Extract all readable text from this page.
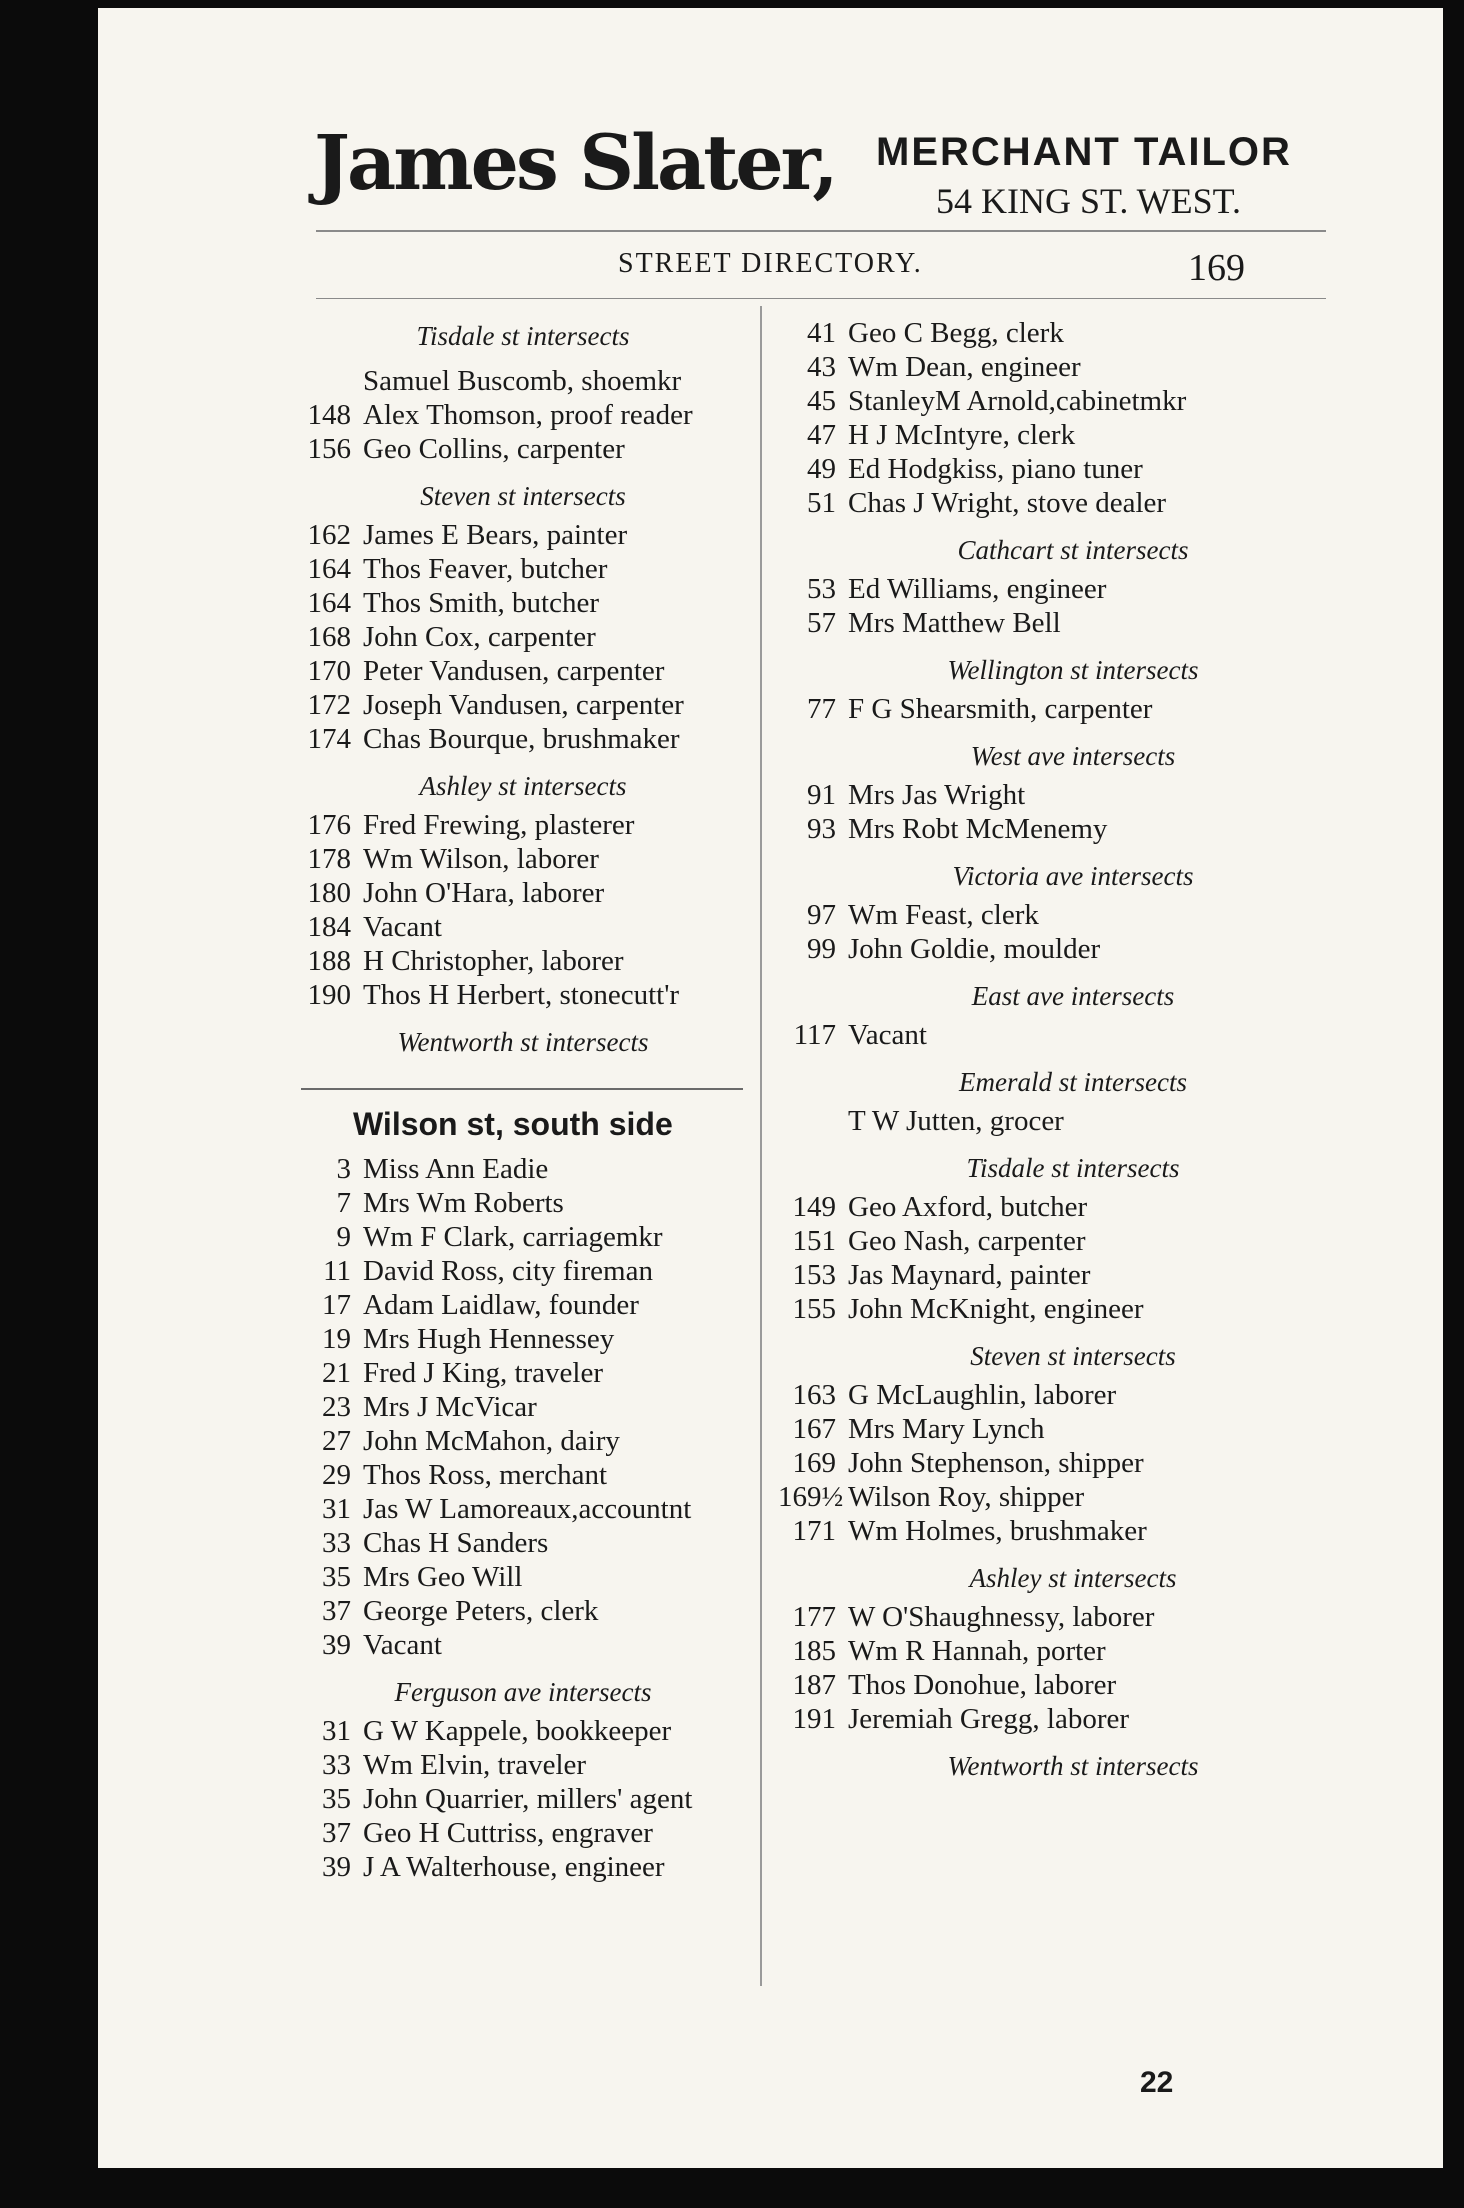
James Slater, MERCHANT TAILOR
54 KING ST. WEST.
STREET DIRECTORY.	169
Tisdale st intersects
Samuel Buscomb, shoemkr
148 Alex Thomson, proof reader
156 Geo Collins, carpenter
Steven st intersects
162 James E Bears, painter
164 Thos Feaver, butcher
164 Thos Smith, butcher
168 John Cox, carpenter
170 Peter Vandusen, carpenter
172 Joseph Vandusen, carpenter
174 Chas Bourque, brushmaker
Ashley st intersects
176 Fred Frewing, plasterer
178 Wm Wilson, laborer
180 John O'Hara, laborer
184 Vacant
188 H Christopher, laborer
190 Thos H Herbert, stonecutt'r
Wentworth st intersects
Wilson st, south side
3 Miss Ann Eadie
7 Mrs Wm Roberts
9 Wm F Clark, carriagemkr
11 David Ross, city fireman
17 Adam Laidlaw, founder
19 Mrs Hugh Hennessey
21 Fred J King, traveler
23 Mrs J McVicar
27 John McMahon, dairy
29 Thos Ross, merchant
31 Jas W Lamoreaux,accountnt
33 Chas H Sanders
35 Mrs Geo Will
37 George Peters, clerk
39 Vacant
Ferguson ave intersects
31 G W Kappele, bookkeeper
33 Wm Elvin, traveler
35 John Quarrier, millers' agent
37 Geo H Cuttriss, engraver
39 J A Walterhouse, engineer
41 Geo C Begg, clerk
43 Wm Dean, engineer
45 StanleyM Arnold,cabinetmkr
47 H J McIntyre, clerk
49 Ed Hodgkiss, piano tuner
51 Chas J Wright, stove dealer
Cathcart st intersects
53 Ed Williams, engineer
57 Mrs Matthew Bell
Wellington st intersects
77 F G Shearsmith, carpenter
West ave intersects
91 Mrs Jas Wright
93 Mrs Robt McMenemy
Victoria ave intersects
97 Wm Feast, clerk
99 John Goldie, moulder
East ave intersects
117 Vacant
Emerald st intersects
T W Jutten, grocer
Tisdale st intersects
149 Geo Axford, butcher
151 Geo Nash, carpenter
153 Jas Maynard, painter
155 John McKnight, engineer
Steven st intersects
163 G McLaughlin, laborer
167 Mrs Mary Lynch
169 John Stephenson, shipper
169½ Wilson Roy, shipper
171 Wm Holmes, brushmaker
Ashley st intersects
177 W O'Shaughnessy, laborer
185 Wm R Hannah, porter
187 Thos Donohue, laborer
191 Jeremiah Gregg, laborer
Wentworth st intersects
22
